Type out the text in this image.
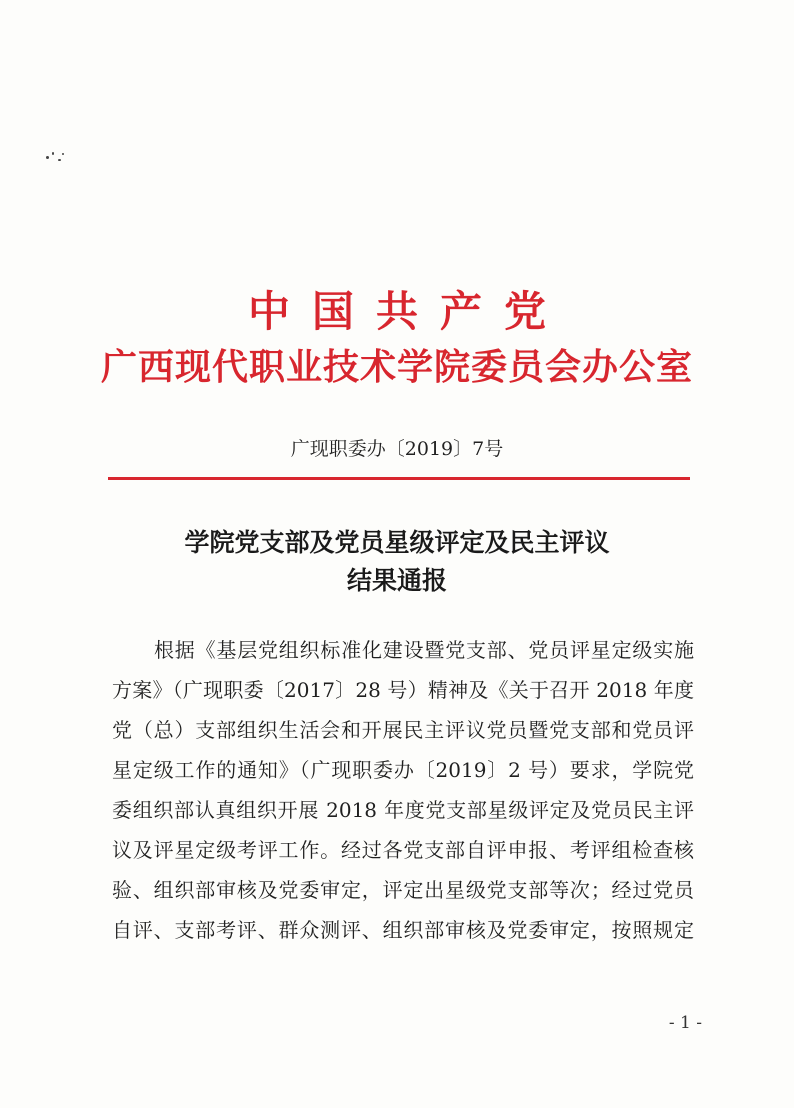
中国共产党
广西现代职业技术学院委员会办公室
广现职委办〔2019〕7号
学院党支部及党员星级评定及民主评议
结果通报
根据《基层党组织标准化建设暨党支部、党员评星定级实施
方案》（广现职委〔2017〕28 号）精神及《关于召开 2018 年度
党（总）支部组织生活会和开展民主评议党员暨党支部和党员评
星定级工作的通知》（广现职委办〔2019〕2 号）要求，学院党
委组织部认真组织开展 2018 年度党支部星级评定及党员民主评
议及评星定级考评工作。经过各党支部自评申报、考评组检查核
验、组织部审核及党委审定，评定出星级党支部等次；经过党员
自评、支部考评、群众测评、组织部审核及党委审定，按照规定
- 1 -
